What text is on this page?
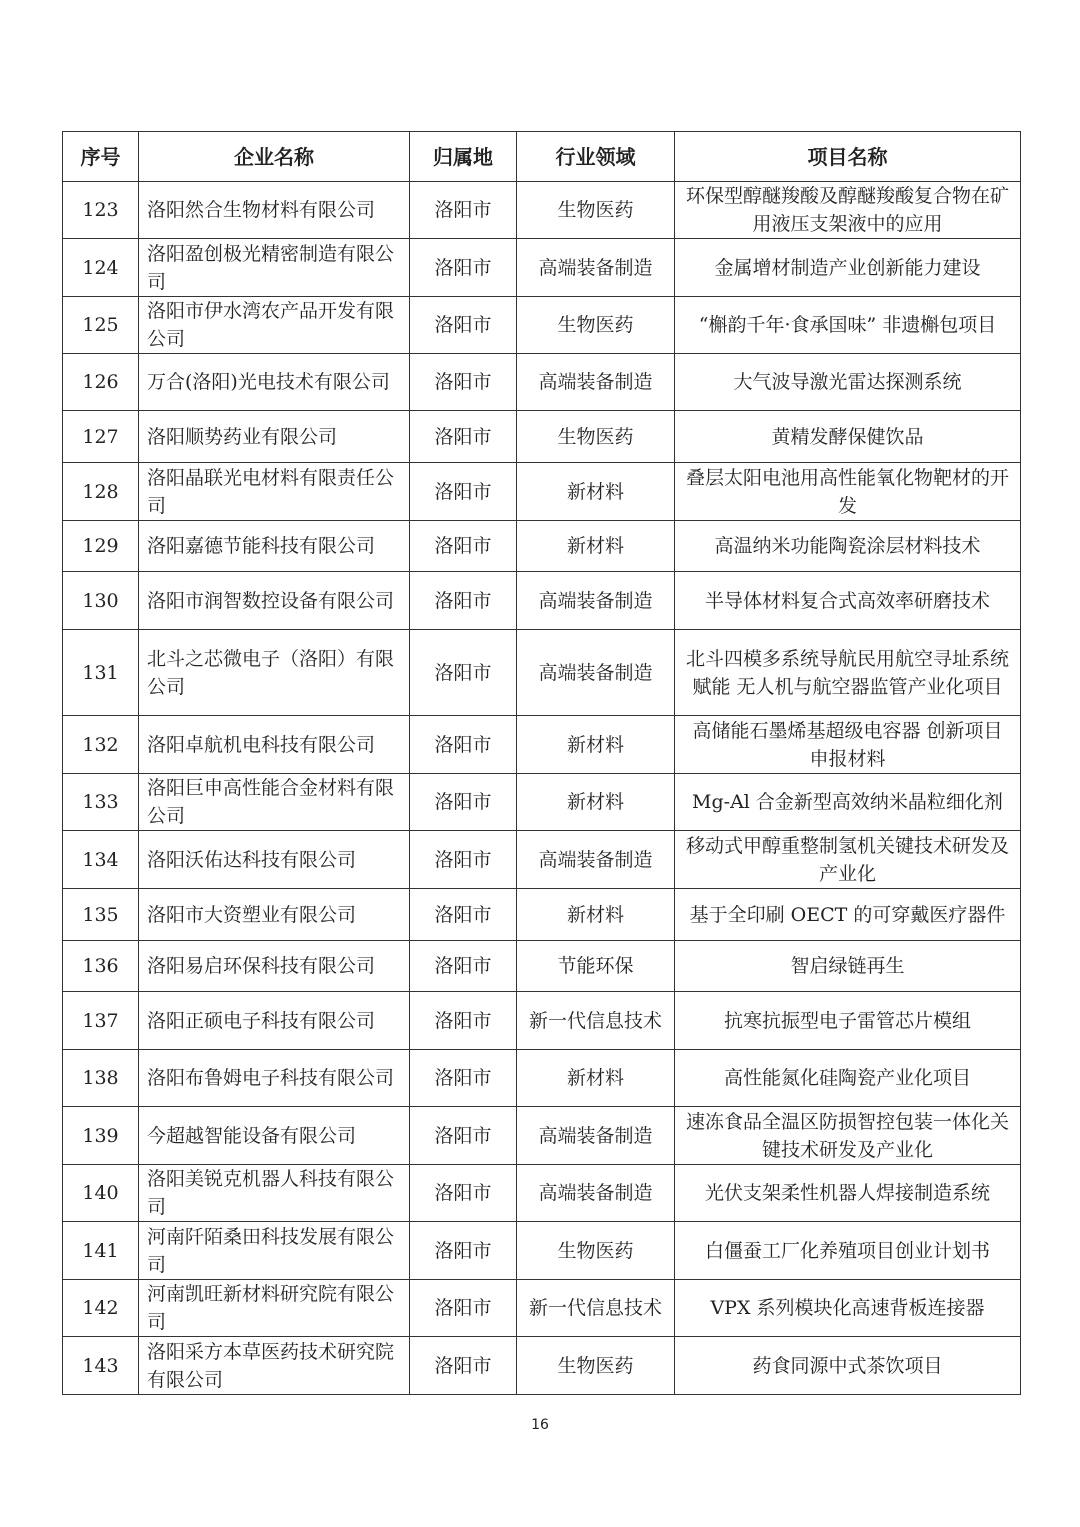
序号	企业名称	归属地	行业领域	项目名称
123	洛阳然合生物材料有限公司	洛阳市	生物医药	环保型醇醚羧酸及醇醚羧酸复合物在矿用液压支架液中的应用
124	洛阳盈创极光精密制造有限公司	洛阳市	高端装备制造	金属增材制造产业创新能力建设
125	洛阳市伊水湾农产品开发有限公司	洛阳市	生物医药	“槲韵千年·食承国味” 非遗槲包项目
126	万合(洛阳)光电技术有限公司	洛阳市	高端装备制造	大气波导激光雷达探测系统
127	洛阳顺势药业有限公司	洛阳市	生物医药	黄精发酵保健饮品
128	洛阳晶联光电材料有限责任公司	洛阳市	新材料	叠层太阳电池用高性能氧化物靶材的开发
129	洛阳嘉德节能科技有限公司	洛阳市	新材料	高温纳米功能陶瓷涂层材料技术
130	洛阳市润智数控设备有限公司	洛阳市	高端装备制造	半导体材料复合式高效率研磨技术
131	北斗之芯微电子（洛阳）有限公司	洛阳市	高端装备制造	北斗四模多系统导航民用航空寻址系统赋能 无人机与航空器监管产业化项目
132	洛阳卓航机电科技有限公司	洛阳市	新材料	高储能石墨烯基超级电容器 创新项目申报材料
133	洛阳巨申高性能合金材料有限公司	洛阳市	新材料	Mg-Al 合金新型高效纳米晶粒细化剂
134	洛阳沃佑达科技有限公司	洛阳市	高端装备制造	移动式甲醇重整制氢机关键技术研发及产业化
135	洛阳市大资塑业有限公司	洛阳市	新材料	基于全印刷 OECT 的可穿戴医疗器件
136	洛阳易启环保科技有限公司	洛阳市	节能环保	智启绿链再生
137	洛阳正硕电子科技有限公司	洛阳市	新一代信息技术	抗寒抗振型电子雷管芯片模组
138	洛阳布鲁姆电子科技有限公司	洛阳市	新材料	高性能氮化硅陶瓷产业化项目
139	今超越智能设备有限公司	洛阳市	高端装备制造	速冻食品全温区防损智控包装一体化关键技术研发及产业化
140	洛阳美锐克机器人科技有限公司	洛阳市	高端装备制造	光伏支架柔性机器人焊接制造系统
141	河南阡陌桑田科技发展有限公司	洛阳市	生物医药	白僵蚕工厂化养殖项目创业计划书
142	河南凯旺新材料研究院有限公司	洛阳市	新一代信息技术	VPX 系列模块化高速背板连接器
143	洛阳采方本草医药技术研究院有限公司	洛阳市	生物医药	药食同源中式茶饮项目
16
